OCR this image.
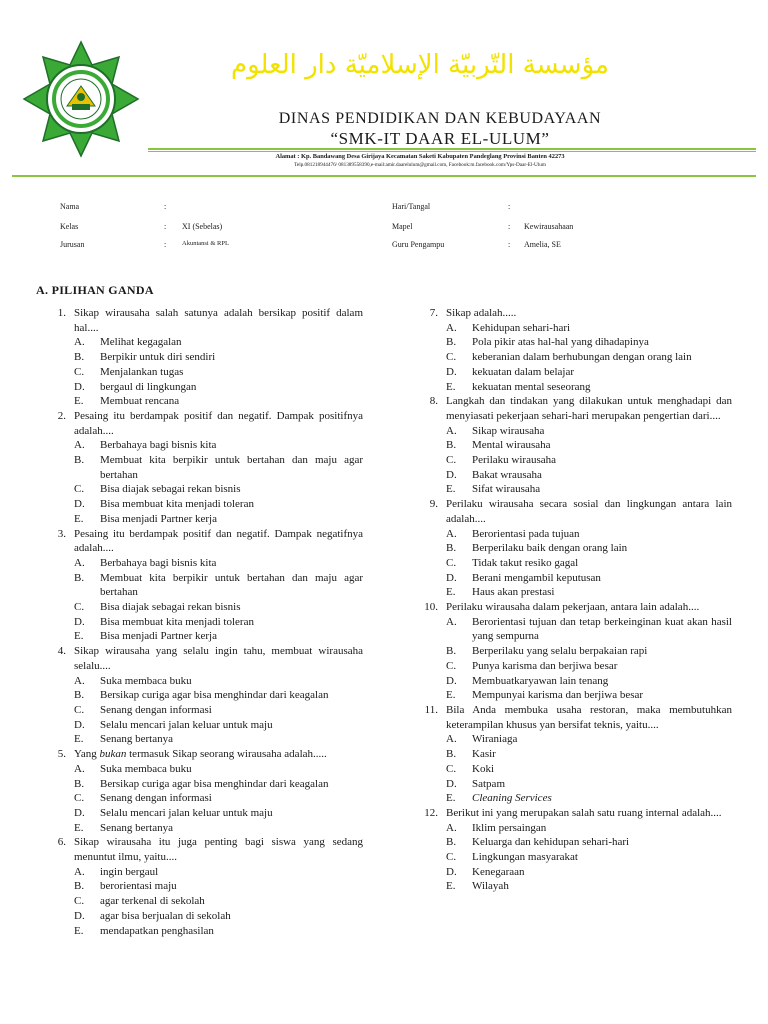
مؤسسة التّربيّة الإسلاميّة دار العلوم
DINAS PENDIDIKAN DAN KEBUDAYAAN
“SMK-IT DAAR EL-ULUM”
Alamat : Kp. Bandawang Desa Girijaya Kecamatan Saketi Kabupaten Pandeglang Provinsi Banten 42273
Telp.081218944476/ 081389558390,e-mail:amir.daarelulum@gmail.com, Facebook:m.facebook.com/Yps-Daar-El-Ulum
Nama	:
Kelas	: XI (Sebelas)
Jurusan	: Akuntansi & RPL
Hari/Tangal	:
Mapel	: Kewirausahaan
Guru Pengampu	: Amelia, SE
A. PILIHAN GANDA
1. Sikap wirausaha salah satunya adalah bersikap positif dalam hal....
A.	Melihat kegagalan
B.	Berpikir untuk diri sendiri
C.	Menjalankan tugas
D.	bergaul di lingkungan
E.	Membuat rencana
2. Pesaing itu berdampak positif dan negatif. Dampak positifnya adalah....
A.	Berbahaya bagi bisnis kita
B.	Membuat kita berpikir untuk bertahan dan maju agar bertahan
C.	Bisa diajak sebagai rekan bisnis
D.	Bisa membuat kita menjadi toleran
E.	Bisa menjadi Partner kerja
3. Pesaing itu berdampak positif dan negatif. Dampak negatifnya adalah....
A.	Berbahaya bagi bisnis kita
B.	Membuat kita berpikir untuk bertahan dan maju agar bertahan
C.	Bisa diajak sebagai rekan bisnis
D.	Bisa membuat kita menjadi toleran
E.	Bisa menjadi Partner kerja
4. Sikap wirausaha yang selalu ingin tahu, membuat wirausaha selalu....
A.	Suka membaca buku
B.	Bersikap curiga agar bisa menghindar dari keagalan
C.	Senang dengan informasi
D.	Selalu mencari jalan keluar untuk maju
E.	Senang bertanya
5. Yang bukan termasuk Sikap seorang wirausaha adalah.....
A.	Suka membaca buku
B.	Bersikap curiga agar bisa menghindar dari keagalan
C.	Senang dengan informasi
D.	Selalu mencari jalan keluar untuk maju
E.	Senang bertanya
6. Sikap wirausaha itu juga penting bagi siswa yang sedang menuntut ilmu, yaitu....
A.	ingin bergaul
B.	berorientasi maju
C.	agar terkenal di sekolah
D.	agar bisa berjualan di sekolah
E.	mendapatkan penghasilan
7. Sikap adalah.....
A.	Kehidupan sehari-hari
B.	Pola pikir atas hal-hal yang dihadapinya
C.	keberanian dalam berhubungan dengan orang lain
D.	kekuatan dalam belajar
E.	kekuatan mental seseorang
8. Langkah dan tindakan yang dilakukan untuk menghadapi dan menyiasati pekerjaan sehari-hari merupakan pengertian dari....
A.	Sikap wirausaha
B.	Mental wirausaha
C.	Perilaku wirausaha
D.	Bakat wrausaha
E.	Sifat wirausaha
9. Perilaku wirausaha secara sosial dan lingkungan antara lain adalah....
A.	Berorientasi pada tujuan
B.	Berperilaku baik dengan orang lain
C.	Tidak takut resiko gagal
D.	Berani mengambil keputusan
E.	Haus akan prestasi
10. Perilaku wirausaha dalam pekerjaan, antara lain adalah....
A.	Berorientasi tujuan dan tetap berkeinginan kuat akan hasil yang sempurna
B.	Berperilaku yang selalu berpakaian rapi
C.	Punya karisma dan berjiwa besar
D.	Membuatkaryawan lain tenang
E.	Mempunyai karisma dan berjiwa besar
11. Bila Anda membuka usaha restoran, maka membutuhkan keterampilan khusus yan bersifat teknis, yaitu....
A.	Wiraniaga
B.	Kasir
C.	Koki
D.	Satpam
E.	Cleaning Services
12. Berikut ini yang merupakan salah satu ruang internal adalah....
A.	Iklim persaingan
B.	Keluarga dan kehidupan sehari-hari
C.	Lingkungan masyarakat
D.	Kenegaraan
E.	Wilayah
